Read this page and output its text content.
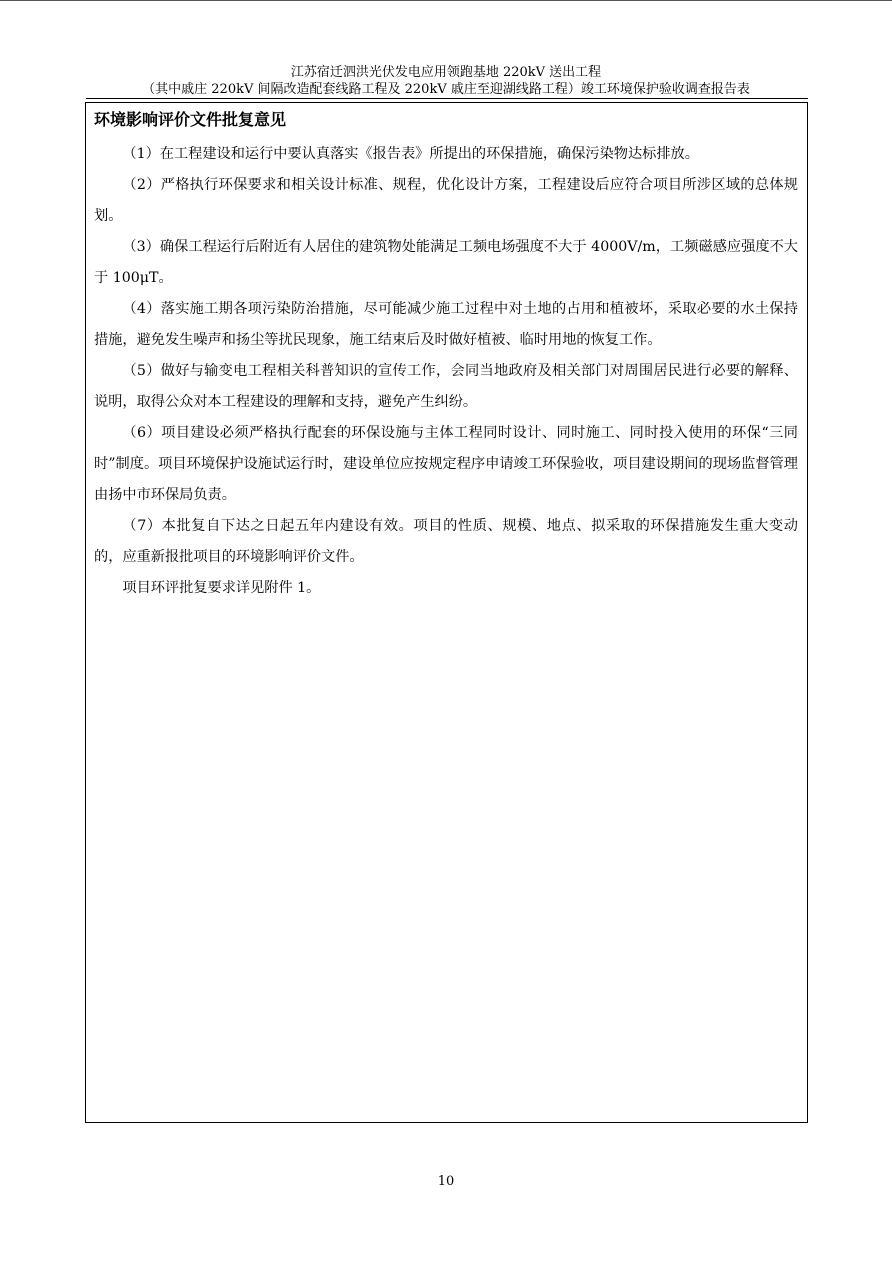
江苏宿迁泗洪光伏发电应用领跑基地 220kV 送出工程
（其中戚庄 220kV 间隔改造配套线路工程及 220kV 戚庄至迎湖线路工程）竣工环境保护验收调查报告表
环境影响评价文件批复意见

（1）在工程建设和运行中要认真落实《报告表》所提出的环保措施，确保污染物达标排放。

（2）严格执行环保要求和相关设计标准、规程，优化设计方案，工程建设后应符合项目所涉区域的总体规划。

（3）确保工程运行后附近有人居住的建筑物处能满足工频电场强度不大于 4000V/m，工频磁感应强度不大于 100μT。

（4）落实施工期各项污染防治措施，尽可能减少施工过程中对土地的占用和植被坏，采取必要的水土保持措施，避免发生噪声和扬尘等扰民现象，施工结束后及时做好植被、临时用地的恢复工作。

（5）做好与输变电工程相关科普知识的宣传工作，会同当地政府及相关部门对周围居民进行必要的解释、说明，取得公众对本工程建设的理解和支持，避免产生纠纷。

（6）项目建设必须严格执行配套的环保设施与主体工程同时设计、同时施工、同时投入使用的环保“三同时”制度。项目环境保护设施试运行时，建设单位应按规定程序申请竣工环保验收，项目建设期间的现场监督管理由扬中市环保局负责。

（7）本批复自下达之日起五年内建设有效。项目的性质、规模、地点、拟采取的环保措施发生重大变动的，应重新报批项目的环境影响评价文件。

项目环评批复要求详见附件 1。

10
